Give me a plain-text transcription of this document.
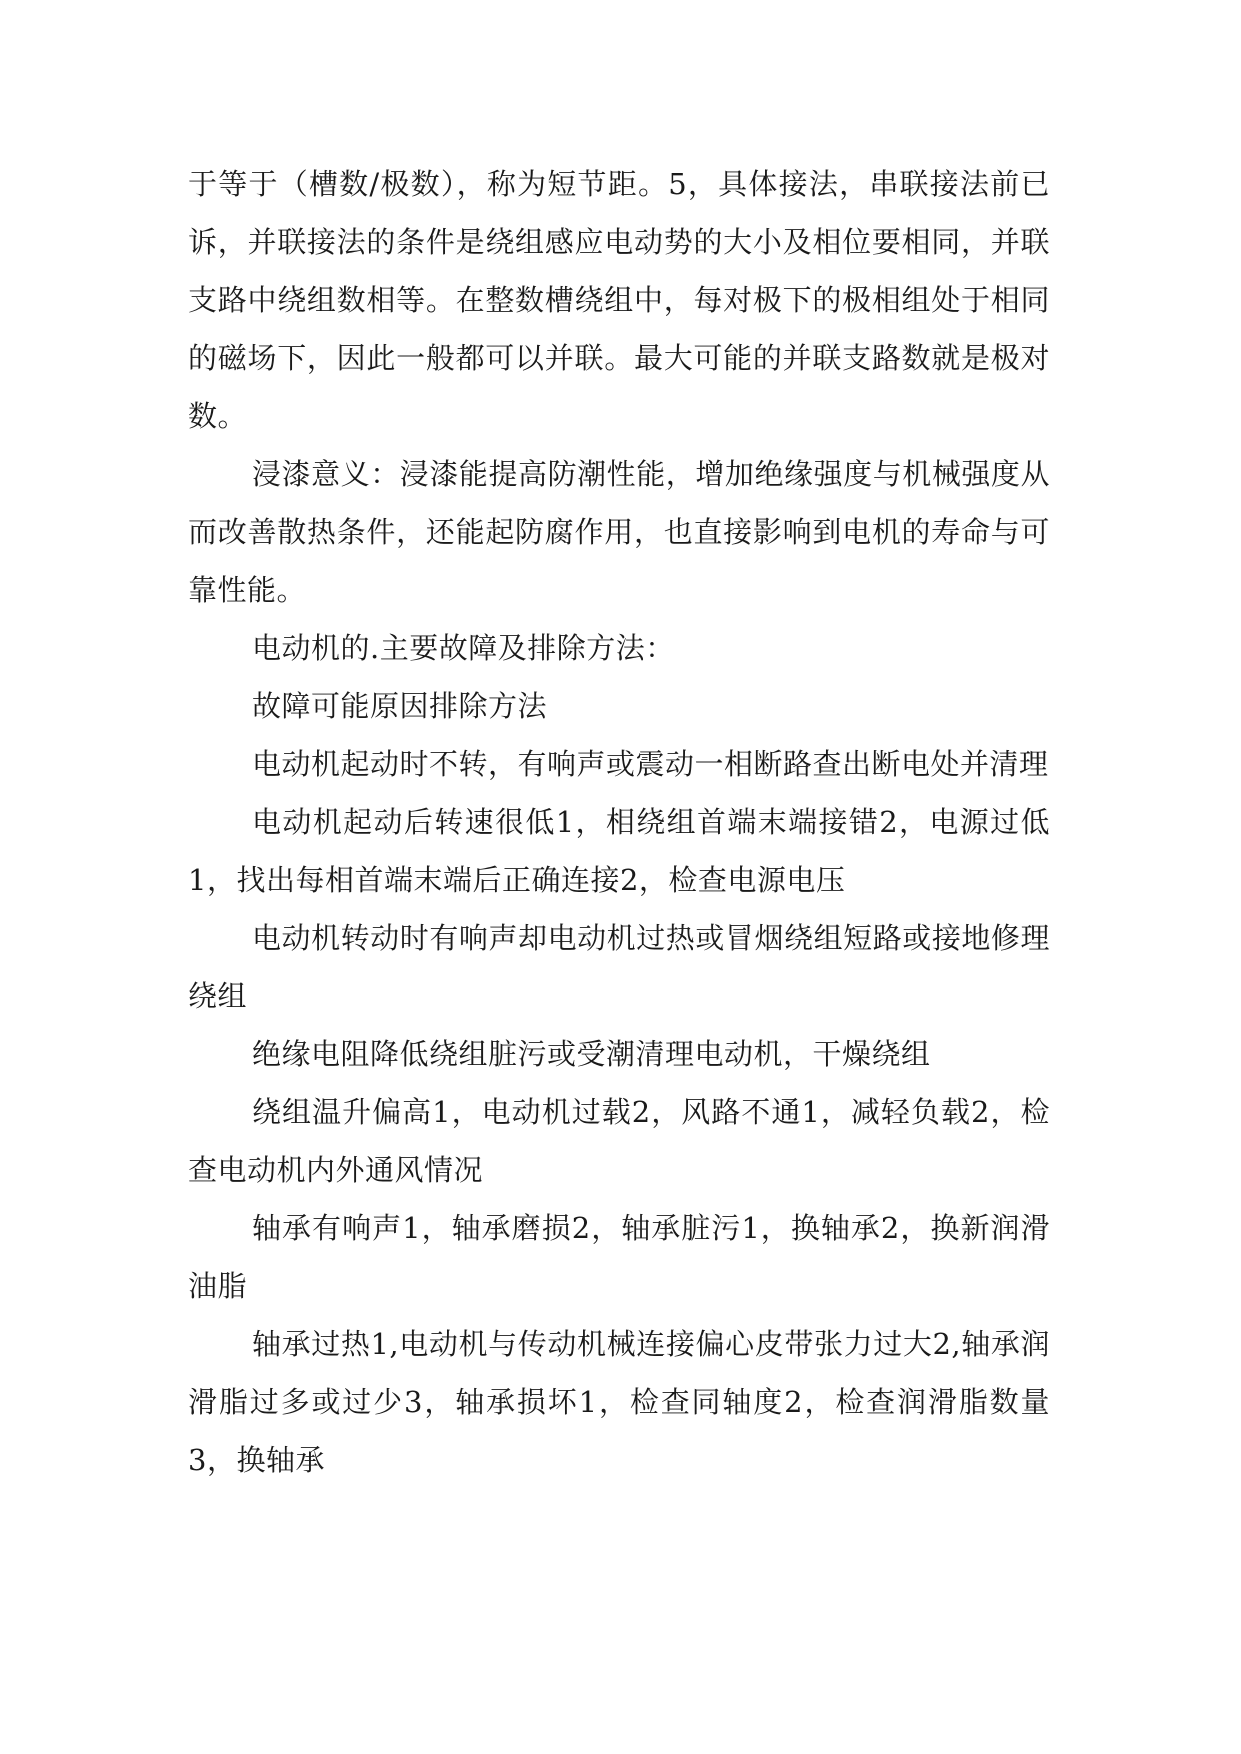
于等于（槽数/极数），称为短节距。5，具体接法，串联接法前已诉，并联接法的条件是绕组感应电动势的大小及相位要相同，并联支路中绕组数相等。在整数槽绕组中，每对极下的极相组处于相同的磁场下，因此一般都可以并联。最大可能的并联支路数就是极对数。

浸漆意义：浸漆能提高防潮性能，增加绝缘强度与机械强度从而改善散热条件，还能起防腐作用，也直接影响到电机的寿命与可靠性能。

电动机的.主要故障及排除方法：

故障可能原因排除方法

电动机起动时不转，有响声或震动一相断路查出断电处并清理

电动机起动后转速很低1，相绕组首端末端接错2，电源过低1，找出每相首端末端后正确连接2，检查电源电压

电动机转动时有响声却电动机过热或冒烟绕组短路或接地修理绕组

绝缘电阻降低绕组脏污或受潮清理电动机，干燥绕组

绕组温升偏高1，电动机过载2，风路不通1，减轻负载2，检查电动机内外通风情况

轴承有响声1，轴承磨损2，轴承脏污1，换轴承2，换新润滑油脂

轴承过热1,电动机与传动机械连接偏心皮带张力过大2,轴承润滑脂过多或过少3，轴承损坏1，检查同轴度2，检查润滑脂数量3，换轴承
